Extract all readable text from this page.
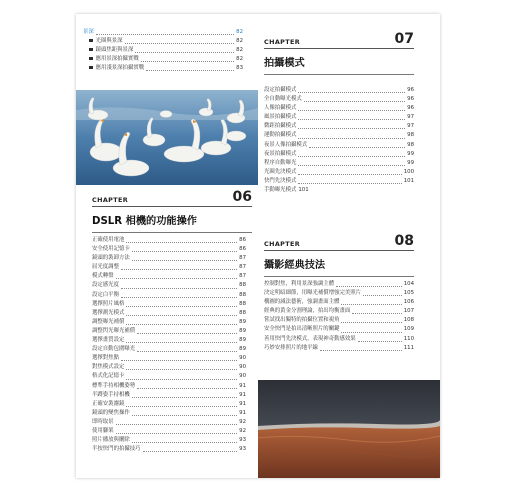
景深	82
光圈與景深	82
鏡頭焦距與景深	82
應用景深拍攝實戰	82
應用淺景深拍攝實戰	83
CHAPTER	06
DSLR 相機的功能操作
正確使用電池	86
安全使用記憶卡	86
鏡頭的裝卸方法	87
屈光度調整	87
模式轉盤	87
設定感光度	88
設定白平衡	88
選擇照片風格	88
選擇測光模式	88
調整曝光補償	89
調整閃光曝光補償	89
選擇畫質設定	89
設定自動包圍曝光	89
選擇對焦點	90
對焦模式設定	90
格式化記憶卡	90
標準手持相機姿勢	91
半蹲姿手持相機	91
正確安裝濾鏡	91
鏡頭的變焦操作	91
即時取景	92
使用腳架	92
照片播放與刪除	93
半按快門的拍攝技巧	93
CHAPTER	07
拍攝模式
設定拍攝模式	96
全自動曝光模式	96
人像拍攝模式	96
風景拍攝模式	97
微距拍攝模式	97
運動拍攝模式	98
夜景人像拍攝模式	98
夜景拍攝模式	99
程序自動曝光	99
光圈先決模式	100
快門先決模式	101
手動曝光模式 101
CHAPTER	08
攝影經典技法
控制對焦，利用景深強調主體	104
決定明暗細節，用曝光補償增強完美照片	105
構圖的減法藝術，強調畫面主體	106
經典的黃金分割理論，拍出均衡畫面	107
嘗試找出獨特的拍攝位置和視角	108
安全快門是拍出清晰照片的關鍵	109
善用快門先決模式，表現神奇動感效果	110
巧妙安排照片的地平線	111
